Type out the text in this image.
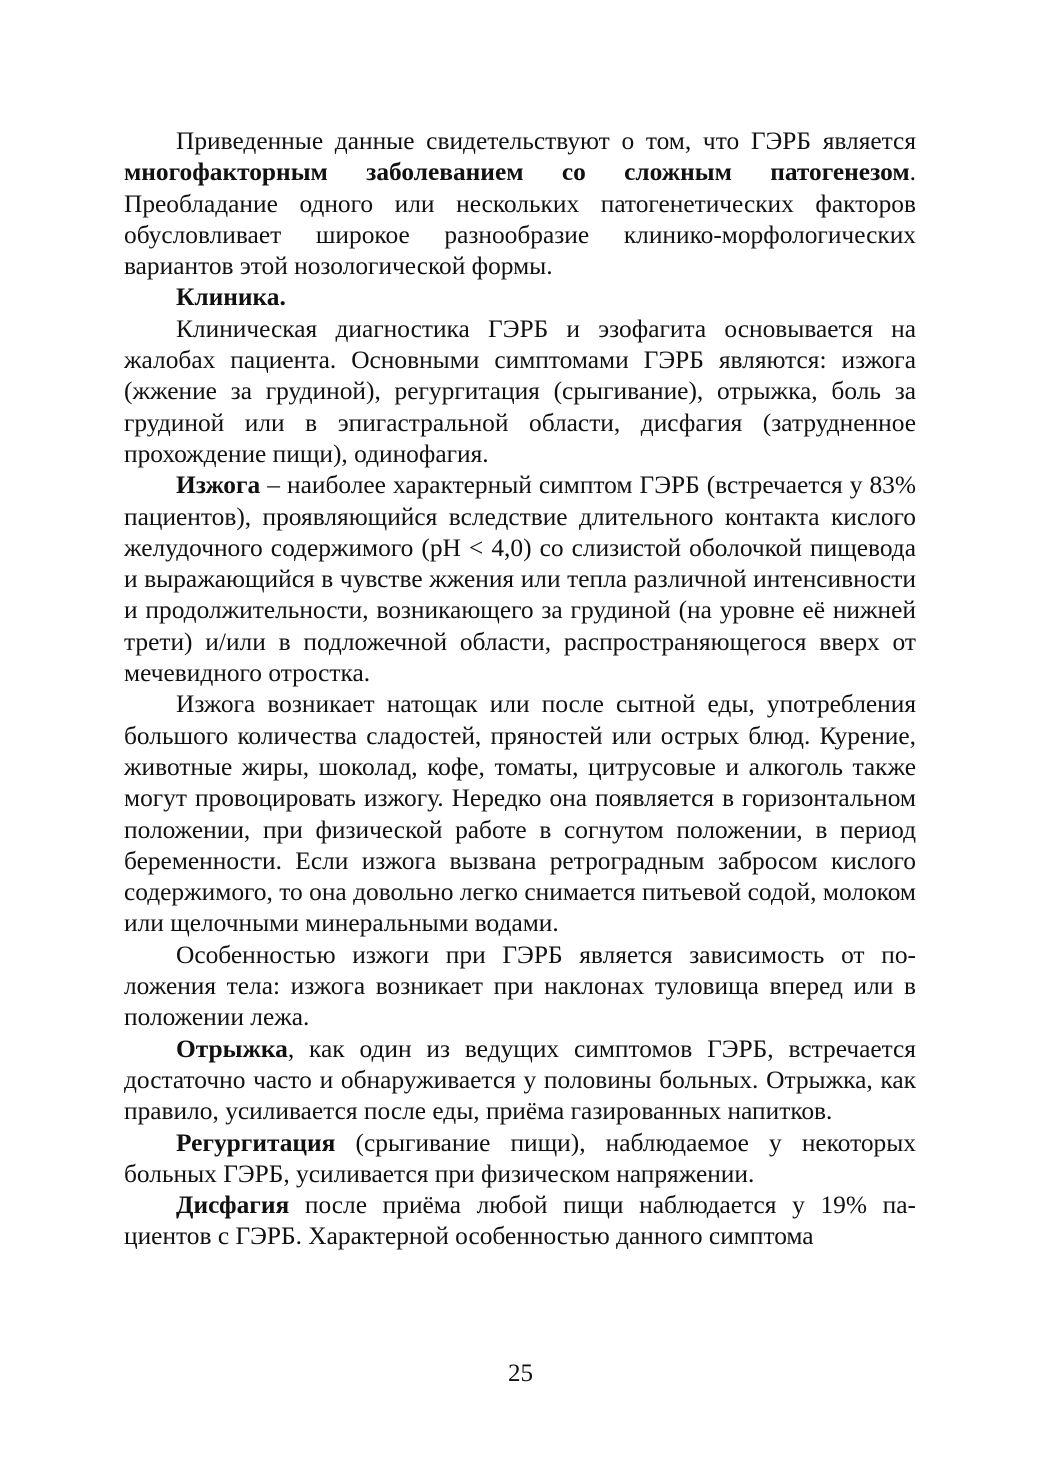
Приведенные данные свидетельствуют о том, что ГЭРБ является многофакторным заболеванием со сложным патогенезом. Преобладание одного или нескольких патогенетических факторов обусловливает широкое разнообразие клинико-морфологических вариантов этой нозологической формы.

Клиника.

Клиническая диагностика ГЭРБ и эзофагита основывается на жалобах пациента. Основными симптомами ГЭРБ являются: изжога (жжение за грудиной), регургитация (срыгивание), отрыжка, боль за грудиной или в эпигастральной области, дисфагия (затрудненное прохождение пищи), одинофагия.

Изжога – наиболее характерный симптом ГЭРБ (встречается у 83% пациентов), проявляющийся вследствие длительного контакта кислого желудочного содержимого (pH < 4,0) со слизистой оболочкой пищевода и выражающийся в чувстве жжения или тепла различной интенсивности и продолжительности, возникающего за грудиной (на уровне её нижней трети) и/или в подложечной области, распространяющегося вверх от мечевидного отростка.

Изжога возникает натощак или после сытной еды, употребления большого количества сладостей, пряностей или острых блюд. Курение, животные жиры, шоколад, кофе, томаты, цитрусовые и алкоголь также могут провоцировать изжогу. Нередко она появляется в горизонтальном положении, при физической работе в согнутом положении, в период беременности. Если изжога вызвана ретроградным забросом кислого содержимого, то она довольно легко снимается питьевой содой, молоком или щелочными минеральными водами.

Особенностью изжоги при ГЭРБ является зависимость от положения тела: изжога возникает при наклонах туловища вперед или в положении лежа.

Отрыжка, как один из ведущих симптомов ГЭРБ, встречается достаточно часто и обнаруживается у половины больных. Отрыжка, как правило, усиливается после еды, приёма газированных напитков.

Регургитация (срыгивание пищи), наблюдаемое у некоторых больных ГЭРБ, усиливается при физическом напряжении.

Дисфагия после приёма любой пищи наблюдается у 19% пациентов с ГЭРБ. Характерной особенностью данного симптома

25
